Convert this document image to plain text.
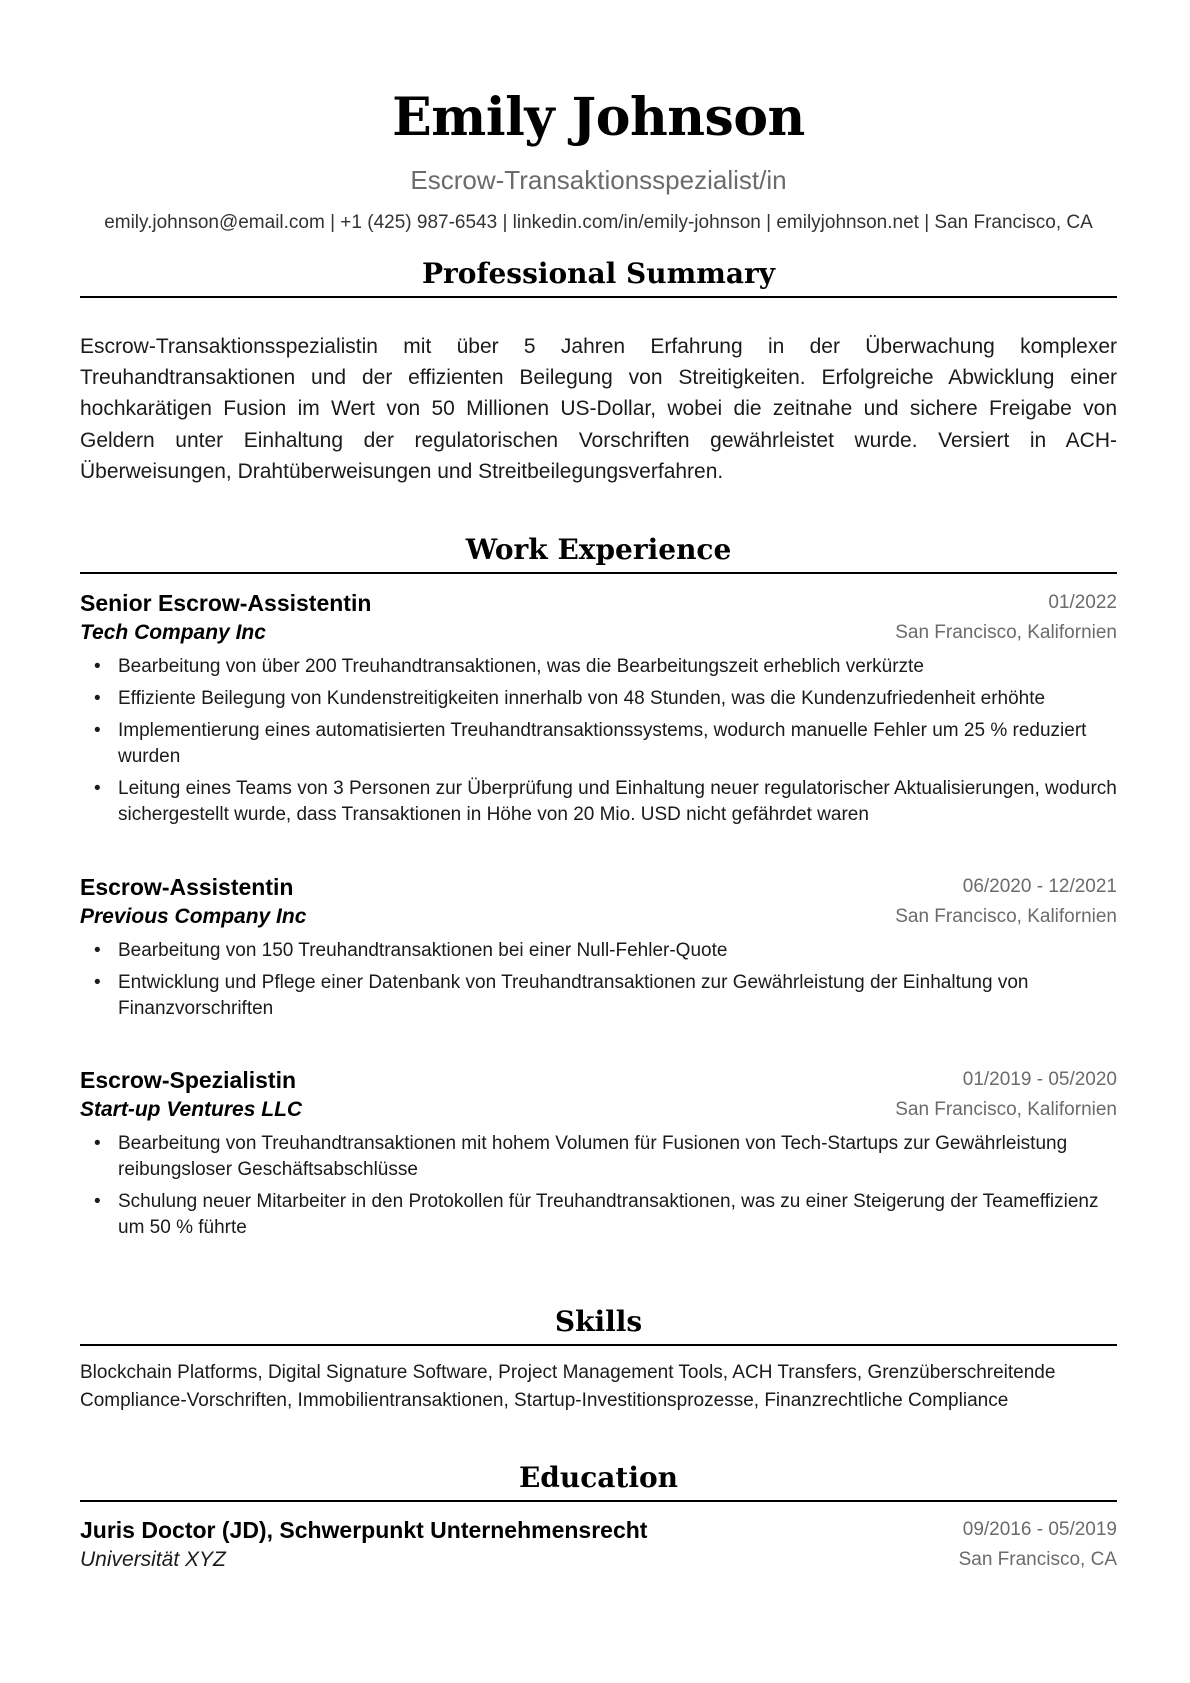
Emily Johnson
Escrow-Transaktionsspezialist/in
emily.johnson@email.com | +1 (425) 987-6543 | linkedin.com/in/emily-johnson | emilyjohnson.net | San Francisco, CA
Professional Summary
Escrow-Transaktionsspezialistin mit über 5 Jahren Erfahrung in der Überwachung komplexer Treuhandtransaktionen und der effizienten Beilegung von Streitigkeiten. Erfolgreiche Abwicklung einer hochkarätigen Fusion im Wert von 50 Millionen US-Dollar, wobei die zeitnahe und sichere Freigabe von Geldern unter Einhaltung der regulatorischen Vorschriften gewährleistet wurde. Versiert in ACH-Überweisungen, Drahtüberweisungen und Streitbeilegungsverfahren.
Work Experience
Senior Escrow-Assistentin	01/2022
Tech Company Inc	San Francisco, Kalifornien
• Bearbeitung von über 200 Treuhandtransaktionen, was die Bearbeitungszeit erheblich verkürzte
• Effiziente Beilegung von Kundenstreitigkeiten innerhalb von 48 Stunden, was die Kundenzufriedenheit erhöhte
• Implementierung eines automatisierten Treuhandtransaktionssystems, wodurch manuelle Fehler um 25 % reduziert wurden
• Leitung eines Teams von 3 Personen zur Überprüfung und Einhaltung neuer regulatorischer Aktualisierungen, wodurch sichergestellt wurde, dass Transaktionen in Höhe von 20 Mio. USD nicht gefährdet waren
Escrow-Assistentin	06/2020 - 12/2021
Previous Company Inc	San Francisco, Kalifornien
• Bearbeitung von 150 Treuhandtransaktionen bei einer Null-Fehler-Quote
• Entwicklung und Pflege einer Datenbank von Treuhandtransaktionen zur Gewährleistung der Einhaltung von Finanzvorschriften
Escrow-Spezialistin	01/2019 - 05/2020
Start-up Ventures LLC	San Francisco, Kalifornien
• Bearbeitung von Treuhandtransaktionen mit hohem Volumen für Fusionen von Tech-Startups zur Gewährleistung reibungsloser Geschäftsabschlüsse
• Schulung neuer Mitarbeiter in den Protokollen für Treuhandtransaktionen, was zu einer Steigerung der Teameffizienz um 50 % führte
Skills
Blockchain Platforms, Digital Signature Software, Project Management Tools, ACH Transfers, Grenzüberschreitende Compliance-Vorschriften, Immobilientransaktionen, Startup-Investitionsprozesse, Finanzrechtliche Compliance
Education
Juris Doctor (JD), Schwerpunkt Unternehmensrecht	09/2016 - 05/2019
Universität XYZ	San Francisco, CA
